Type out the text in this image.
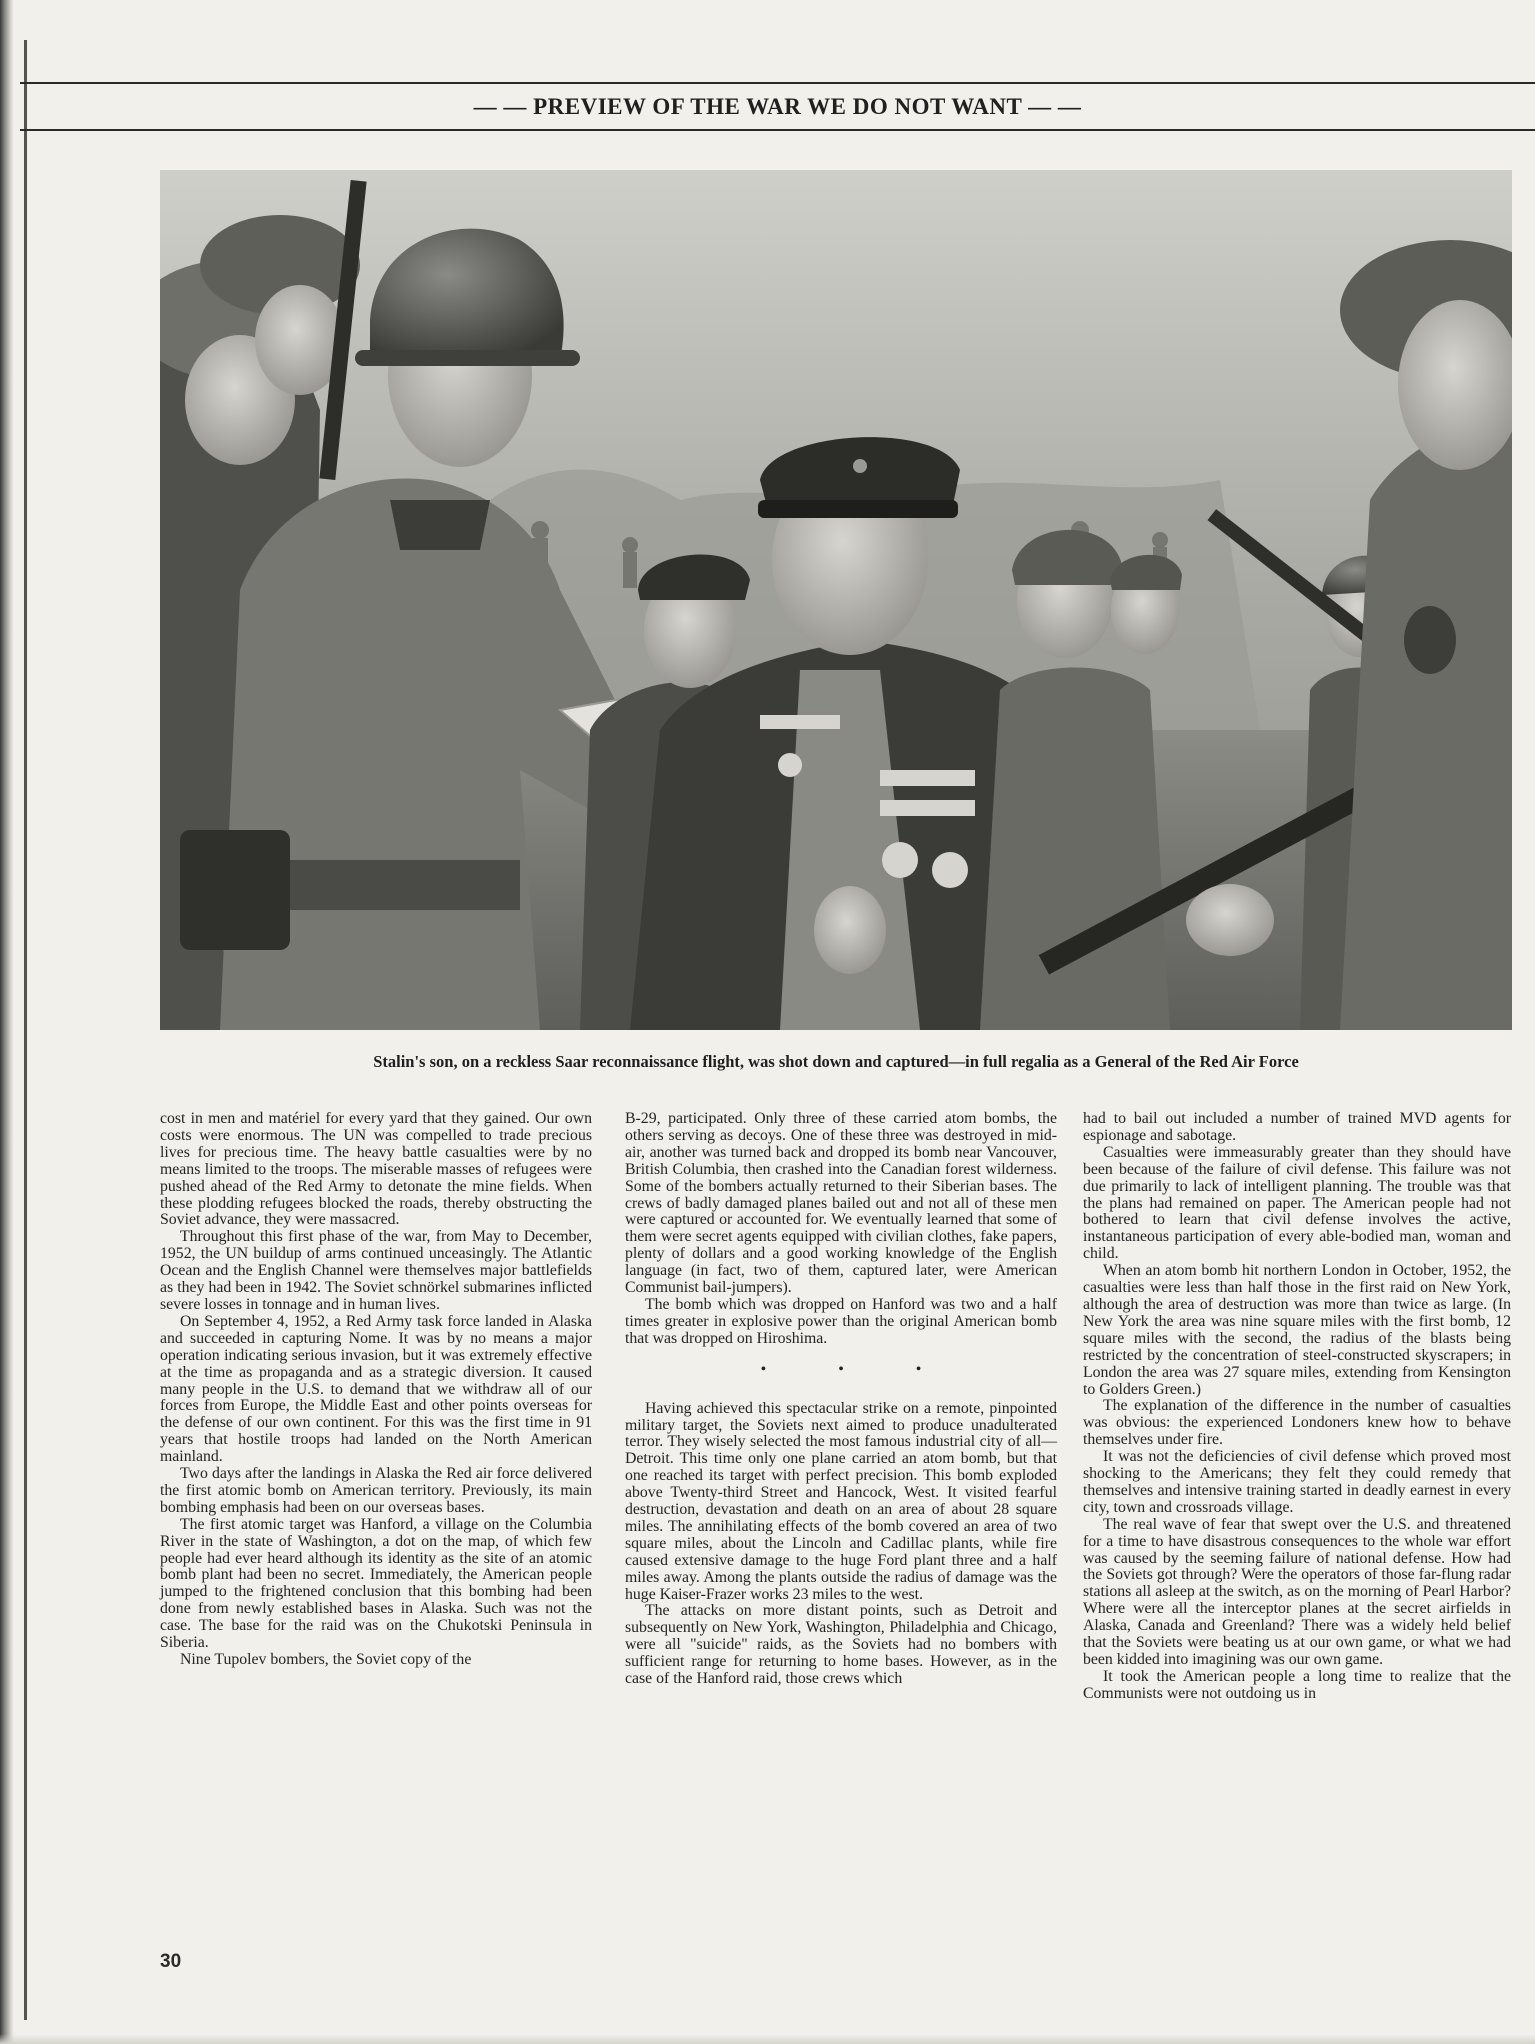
— — PREVIEW OF THE WAR WE DO NOT WANT — —
Stalin's son, on a reckless Saar reconnaissance flight, was shot down and captured—in full regalia as a General of the Red Air Force

cost in men and matériel for every yard that they gained. Our own costs were enormous. The UN was compelled to trade precious lives for precious time. The heavy battle casualties were by no means limited to the troops. The miserable masses of refugees were pushed ahead of the Red Army to detonate the mine fields. When these plodding refugees blocked the roads, thereby obstructing the Soviet advance, they were massacred.

Throughout this first phase of the war, from May to December, 1952, the UN buildup of arms continued unceasingly. The Atlantic Ocean and the English Channel were themselves major battlefields as they had been in 1942. The Soviet schnörkel submarines inflicted severe losses in tonnage and in human lives.

On September 4, 1952, a Red Army task force landed in Alaska and succeeded in capturing Nome. It was by no means a major operation indicating serious invasion, but it was extremely effective at the time as propaganda and as a strategic diversion. It caused many people in the U.S. to demand that we withdraw all of our forces from Europe, the Middle East and other points overseas for the defense of our own continent. For this was the first time in 91 years that hostile troops had landed on the North American mainland.

Two days after the landings in Alaska the Red air force delivered the first atomic bomb on American territory. Previously, its main bombing emphasis had been on our overseas bases.

The first atomic target was Hanford, a village on the Columbia River in the state of Washington, a dot on the map, of which few people had ever heard although its identity as the site of an atomic bomb plant had been no secret. Immediately, the American people jumped to the frightened conclusion that this bombing had been done from newly established bases in Alaska. Such was not the case. The base for the raid was on the Chukotski Peninsula in Siberia.

Nine Tupolev bombers, the Soviet copy of the

B-29, participated. Only three of these carried atom bombs, the others serving as decoys. One of these three was destroyed in mid-air, another was turned back and dropped its bomb near Vancouver, British Columbia, then crashed into the Canadian forest wilderness. Some of the bombers actually returned to their Siberian bases. The crews of badly damaged planes bailed out and not all of these men were captured or accounted for. We eventually learned that some of them were secret agents equipped with civilian clothes, fake papers, plenty of dollars and a good working knowledge of the English language (in fact, two of them, captured later, were American Communist bail-jumpers).

The bomb which was dropped on Hanford was two and a half times greater in explosive power than the original American bomb that was dropped on Hiroshima.

• • •

Having achieved this spectacular strike on a remote, pinpointed military target, the Soviets next aimed to produce unadulterated terror. They wisely selected the most famous industrial city of all—Detroit. This time only one plane carried an atom bomb, but that one reached its target with perfect precision. This bomb exploded above Twenty-third Street and Hancock, West. It visited fearful destruction, devastation and death on an area of about 28 square miles. The annihilating effects of the bomb covered an area of two square miles, about the Lincoln and Cadillac plants, while fire caused extensive damage to the huge Ford plant three and a half miles away. Among the plants outside the radius of damage was the huge Kaiser-Frazer works 23 miles to the west.

The attacks on more distant points, such as Detroit and subsequently on New York, Washington, Philadelphia and Chicago, were all "suicide" raids, as the Soviets had no bombers with sufficient range for returning to home bases. However, as in the case of the Hanford raid, those crews which

had to bail out included a number of trained MVD agents for espionage and sabotage.

Casualties were immeasurably greater than they should have been because of the failure of civil defense. This failure was not due primarily to lack of intelligent planning. The trouble was that the plans had remained on paper. The American people had not bothered to learn that civil defense involves the active, instantaneous participation of every able-bodied man, woman and child.

When an atom bomb hit northern London in October, 1952, the casualties were less than half those in the first raid on New York, although the area of destruction was more than twice as large. (In New York the area was nine square miles with the first bomb, 12 square miles with the second, the radius of the blasts being restricted by the concentration of steel-constructed skyscrapers; in London the area was 27 square miles, extending from Kensington to Golders Green.)

The explanation of the difference in the number of casualties was obvious: the experienced Londoners knew how to behave themselves under fire.

It was not the deficiencies of civil defense which proved most shocking to the Americans; they felt they could remedy that themselves and intensive training started in deadly earnest in every city, town and crossroads village.

The real wave of fear that swept over the U.S. and threatened for a time to have disastrous consequences to the whole war effort was caused by the seeming failure of national defense. How had the Soviets got through? Were the operators of those far-flung radar stations all asleep at the switch, as on the morning of Pearl Harbor? Where were all the interceptor planes at the secret airfields in Alaska, Canada and Greenland? There was a widely held belief that the Soviets were beating us at our own game, or what we had been kidded into imagining was our own game.

It took the American people a long time to realize that the Communists were not outdoing us in

30
